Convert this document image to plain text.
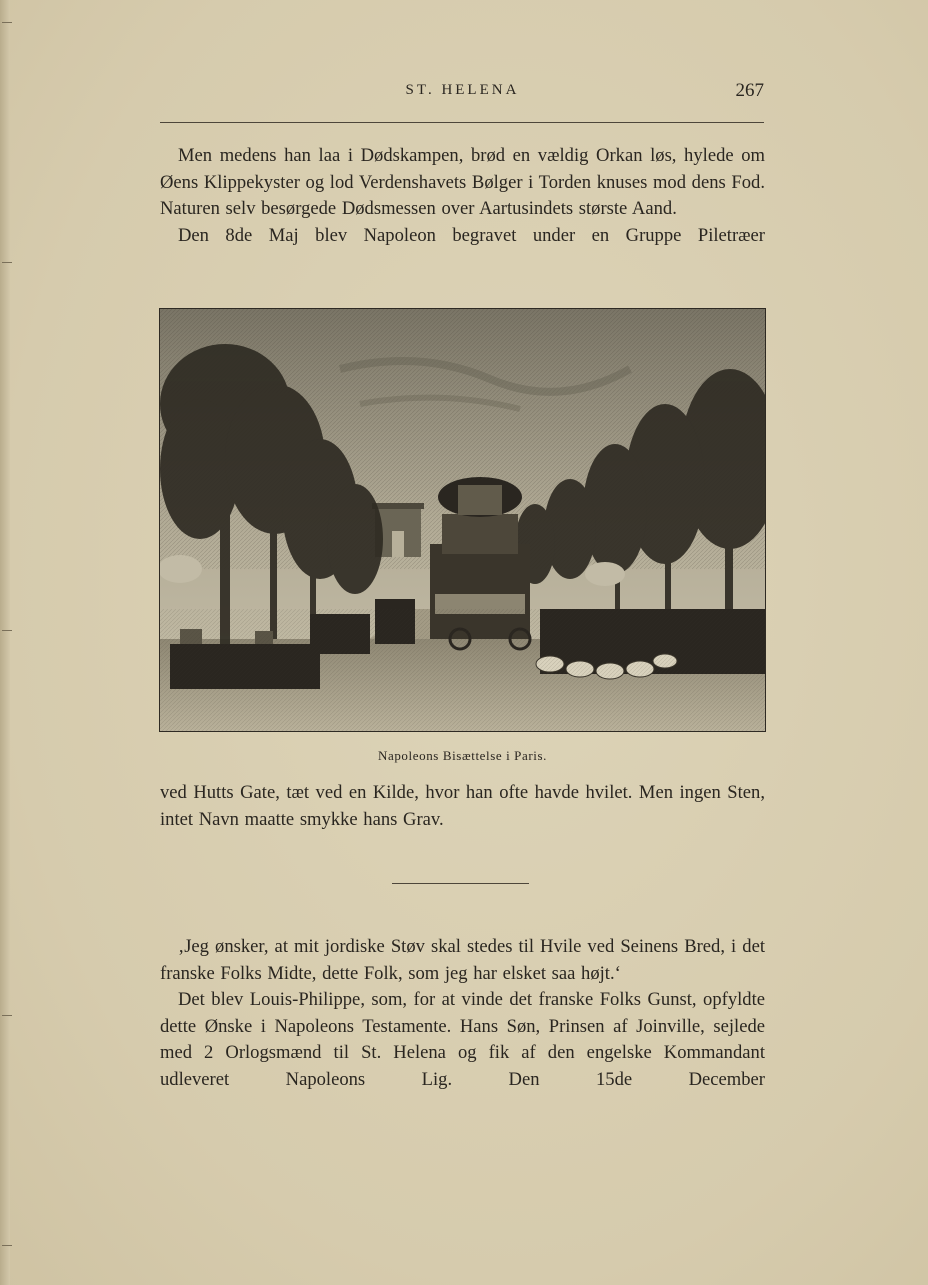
ST. HELENA	267

Men medens han laa i Dødskampen, brød en vældig Orkan løs, hylede om Øens Klippekyster og lod Verdenshavets Bølger i Torden knuses mod dens Fod. Naturen selv besørgede Dødsmessen over Aartusindets største Aand.

Den 8de Maj blev Napoleon begravet under en Gruppe Piletræer

Napoleons Bisættelse i Paris.

ved Hutts Gate, tæt ved en Kilde, hvor han ofte havde hvilet. Men ingen Sten, intet Navn maatte smykke hans Grav.

‚Jeg ønsker, at mit jordiske Støv skal stedes til Hvile ved Seinens Bred, i det franske Folks Midte, dette Folk, som jeg har elsket saa højt.‘

Det blev Louis-Philippe, som, for at vinde det franske Folks Gunst, opfyldte dette Ønske i Napoleons Testamente. Hans Søn, Prinsen af Joinville, sejlede med 2 Orlogsmænd til St. Helena og fik af den engelske Kommandant udleveret Napoleons Lig. Den 15de December
